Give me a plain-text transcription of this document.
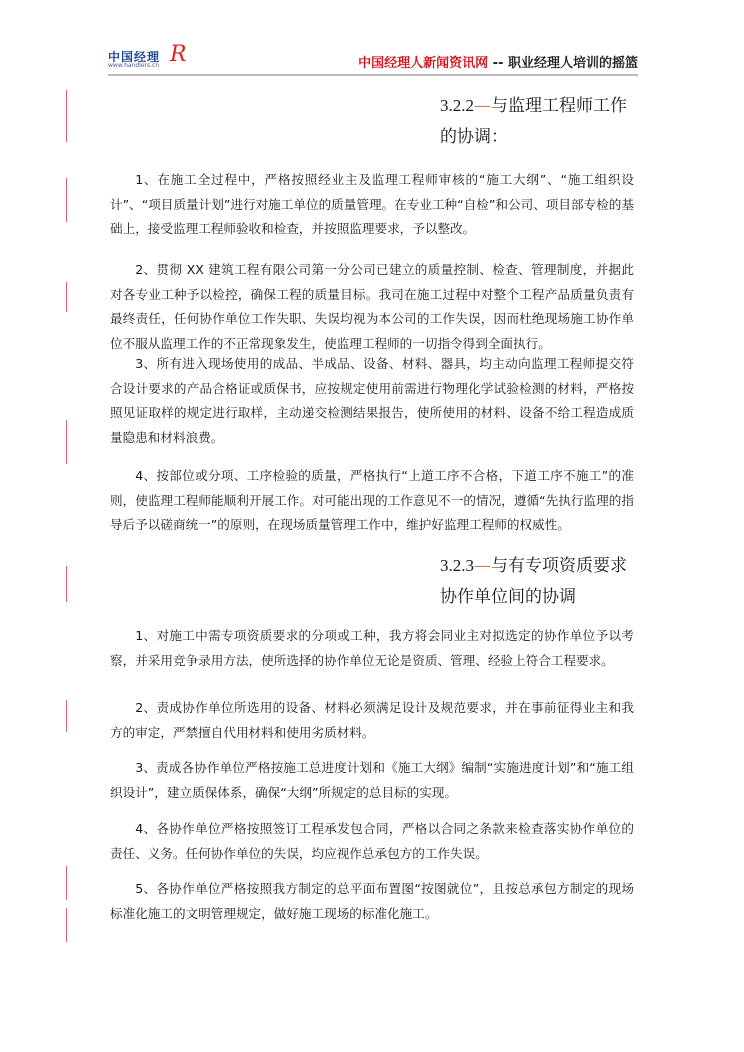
中国经理
www.handlers.cn R	中国经理人新闻资讯网 -- 职业经理人培训的摇篮
3.2.2—与监理工程师工作
的协调：
1、在施工全过程中，严格按照经业主及监理工程师审核的“施工大纲”、“施工组织设计”、“项目质量计划”进行对施工单位的质量管理。在专业工种“自检”和公司、项目部专检的基础上，接受监理工程师验收和检查，并按照监理要求，予以整改。
2、贯彻 XX 建筑工程有限公司第一分公司已建立的质量控制、检查、管理制度，并据此对各专业工种予以检控，确保工程的质量目标。我司在施工过程中对整个工程产品质量负责有最终责任，任何协作单位工作失职、失误均视为本公司的工作失误，因而杜绝现场施工协作单位不服从监理工作的不正常现象发生，使监理工程师的一切指令得到全面执行。
3、所有进入现场使用的成品、半成品、设备、材料、器具，均主动向监理工程师提交符合设计要求的产品合格证或质保书，应按规定使用前需进行物理化学试验检测的材料，严格按照见证取样的规定进行取样，主动递交检测结果报告，使所使用的材料、设备不给工程造成质量隐患和材料浪费。
4、按部位或分项、工序检验的质量，严格执行“上道工序不合格，下道工序不施工”的准则，使监理工程师能顺利开展工作。对可能出现的工作意见不一的情况，遵循“先执行监理的指导后予以磋商统一”的原则，在现场质量管理工作中，维护好监理工程师的权威性。
3.2.3—与有专项资质要求
协作单位间的协调
1、对施工中需专项资质要求的分项或工种，我方将会同业主对拟选定的协作单位予以考察，并采用竞争录用方法，使所选择的协作单位无论是资质、管理、经验上符合工程要求。
2、责成协作单位所选用的设备、材料必须满足设计及规范要求，并在事前征得业主和我方的审定，严禁擅自代用材料和使用劣质材料。
3、责成各协作单位严格按施工总进度计划和《施工大纲》编制“实施进度计划”和“施工组织设计”，建立质保体系，确保“大纲”所规定的总目标的实现。
4、各协作单位严格按照签订工程承发包合同，严格以合同之条款来检查落实协作单位的责任、义务。任何协作单位的失误，均应视作总承包方的工作失误。
5、各协作单位严格按照我方制定的总平面布置图“按图就位”，且按总承包方制定的现场标准化施工的文明管理规定，做好施工现场的标准化施工。
